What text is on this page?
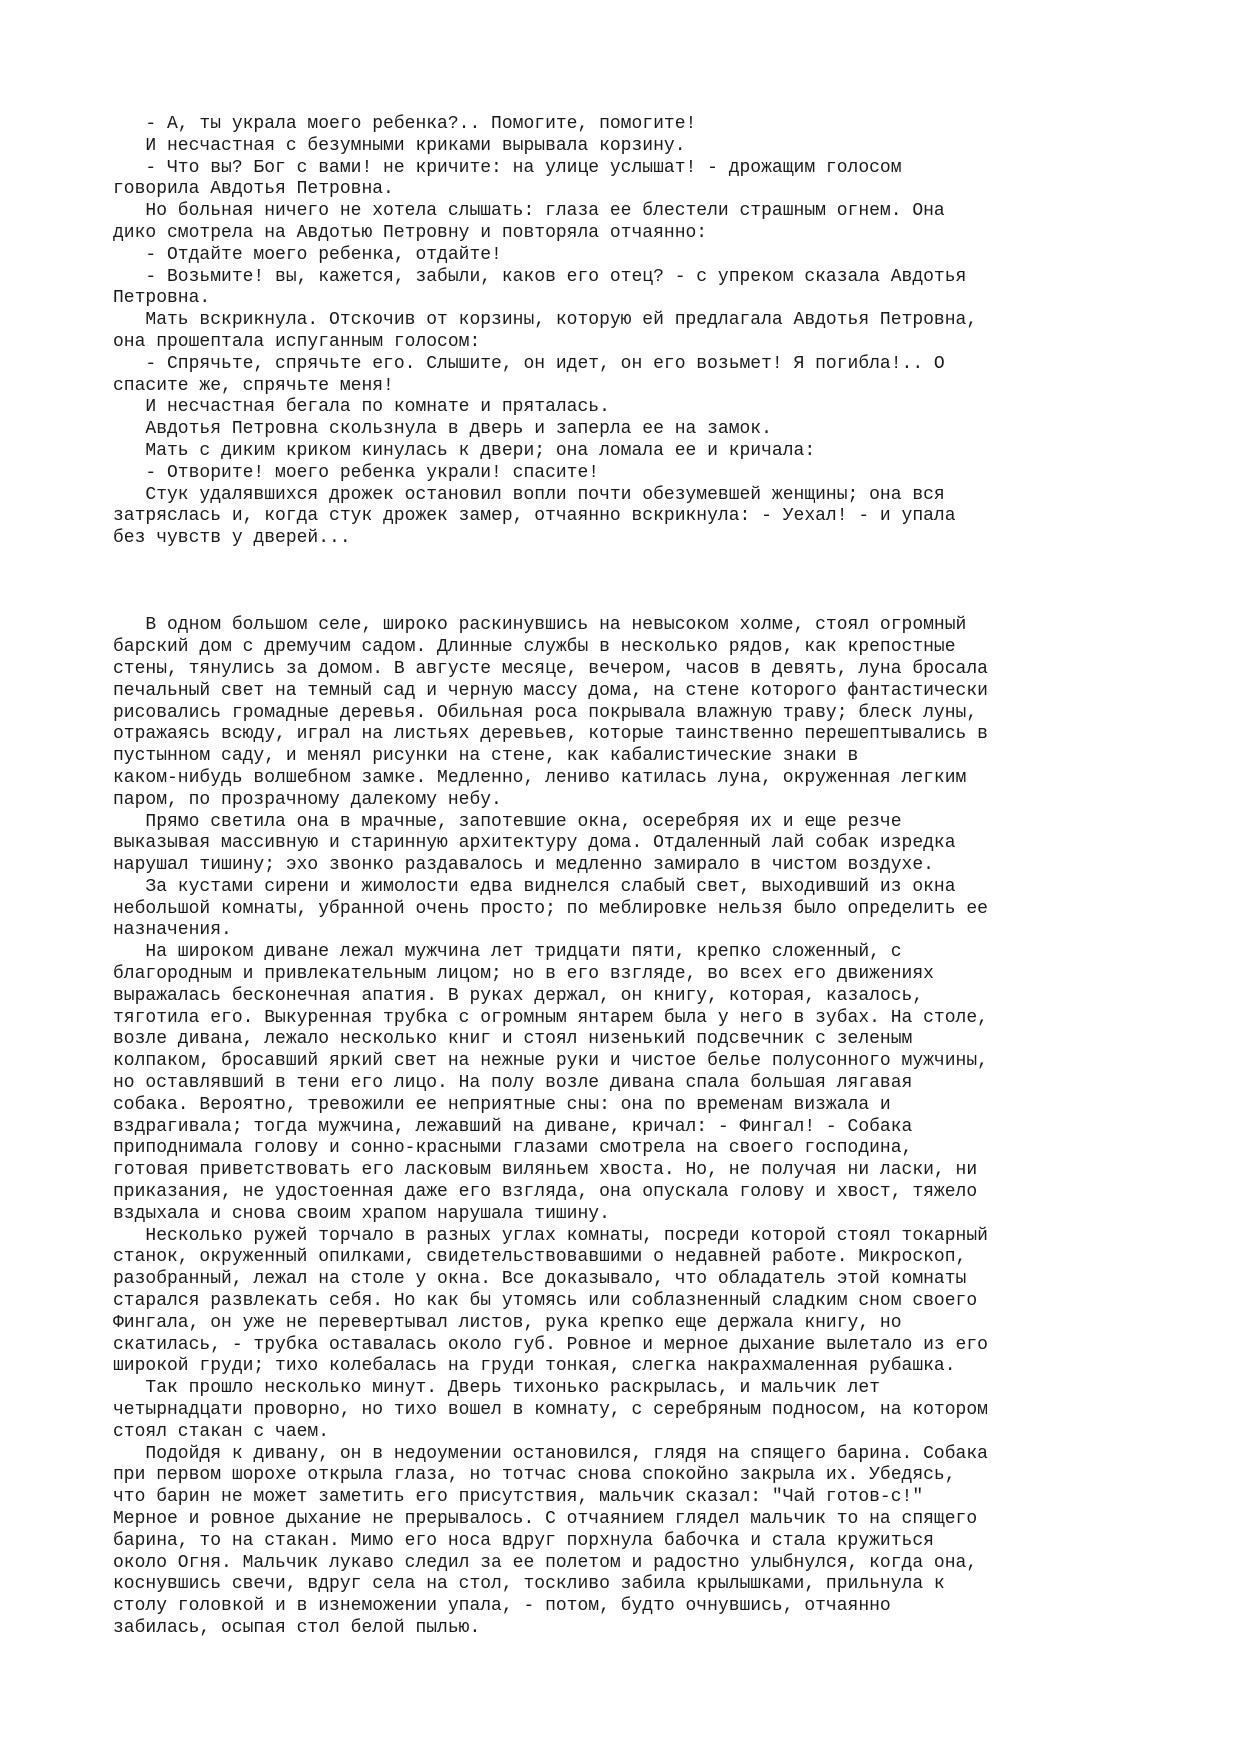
- А, ты украла моего ребенка?.. Помогите, помогите!
И несчастная с безумными криками вырывала корзину.
- Что вы? Бог с вами! не кричите: на улице услышат! - дрожащим голосом
говорила Авдотья Петровна.
Но больная ничего не хотела слышать: глаза ее блестели страшным огнем. Она
дико смотрела на Авдотью Петровну и повторяла отчаянно:
- Отдайте моего ребенка, отдайте!
- Возьмите! вы, кажется, забыли, каков его отец? - с упреком сказала Авдотья
Петровна.
Мать вскрикнула. Отскочив от корзины, которую ей предлагала Авдотья Петровна,
она прошептала испуганным голосом:
- Спрячьте, спрячьте его. Слышите, он идет, он его возьмет! Я погибла!.. О
спасите же, спрячьте меня!
И несчастная бегала по комнате и пряталась.
Авдотья Петровна скользнула в дверь и заперла ее на замок.
Мать с диким криком кинулась к двери; она ломала ее и кричала:
- Отворите! моего ребенка украли! спасите!
Стук удалявшихся дрожек остановил вопли почти обезумевшей женщины; она вся
затряслась и, когда стук дрожек замер, отчаянно вскрикнула: - Уехал! - и упала
без чувств у дверей...
В одном большом селе, широко раскинувшись на невысоком холме, стоял огромный
барский дом с дремучим садом. Длинные службы в несколько рядов, как крепостные
стены, тянулись за домом. В августе месяце, вечером, часов в девять, луна бросала
печальный свет на темный сад и черную массу дома, на стене которого фантастически
рисовались громадные деревья. Обильная роса покрывала влажную траву; блеск луны,
отражаясь всюду, играл на листьях деревьев, которые таинственно перешептывались в
пустынном саду, и менял рисунки на стене, как кабалистические знаки в
каком-нибудь волшебном замке. Медленно, лениво катилась луна, окруженная легким
паром, по прозрачному далекому небу.
Прямо светила она в мрачные, запотевшие окна, осеребряя их и еще резче
выказывая массивную и старинную архитектуру дома. Отдаленный лай собак изредка
нарушал тишину; эхо звонко раздавалось и медленно замирало в чистом воздухе.
За кустами сирени и жимолости едва виднелся слабый свет, выходивший из окна
небольшой комнаты, убранной очень просто; по меблировке нельзя было определить ее
назначения.
На широком диване лежал мужчина лет тридцати пяти, крепко сложенный, с
благородным и привлекательным лицом; но в его взгляде, во всех его движениях
выражалась бесконечная апатия. В руках держал, он книгу, которая, казалось,
тяготила его. Выкуренная трубка с огромным янтарем была у него в зубах. На столе,
возле дивана, лежало несколько книг и стоял низенький подсвечник с зеленым
колпаком, бросавший яркий свет на нежные руки и чистое белье полусонного мужчины,
но оставлявший в тени его лицо. На полу возле дивана спала большая лягавая
собака. Вероятно, тревожили ее неприятные сны: она по временам визжала и
вздрагивала; тогда мужчина, лежавший на диване, кричал: - Фингал! - Собака
приподнимала голову и сонно-красными глазами смотрела на своего господина,
готовая приветствовать его ласковым виляньем хвоста. Но, не получая ни ласки, ни
приказания, не удостоенная даже его взгляда, она опускала голову и хвост, тяжело
вздыхала и снова своим храпом нарушала тишину.
Несколько ружей торчало в разных углах комнаты, посреди которой стоял токарный
станок, окруженный опилками, свидетельствовавшими о недавней работе. Микроскоп,
разобранный, лежал на столе у окна. Все доказывало, что обладатель этой комнаты
старался развлекать себя. Но как бы утомясь или соблазненный сладким сном своего
Фингала, он уже не перевертывал листов, рука крепко еще держала книгу, но
скатилась, - трубка оставалась около губ. Ровное и мерное дыхание вылетало из его
широкой груди; тихо колебалась на груди тонкая, слегка накрахмаленная рубашка.
Так прошло несколько минут. Дверь тихонько раскрылась, и мальчик лет
четырнадцати проворно, но тихо вошел в комнату, с серебряным подносом, на котором
стоял стакан с чаем.
Подойдя к дивану, он в недоумении остановился, глядя на спящего барина. Собака
при первом шорохе открыла глаза, но тотчас снова спокойно закрыла их. Убедясь,
что барин не может заметить его присутствия, мальчик сказал: "Чай готов-с!"
Мерное и ровное дыхание не прерывалось. С отчаянием глядел мальчик то на спящего
барина, то на стакан. Мимо его носа вдруг порхнула бабочка и стала кружиться
около Огня. Мальчик лукаво следил за ее полетом и радостно улыбнулся, когда она,
коснувшись свечи, вдруг села на стол, тоскливо забила крылышками, прильнула к
столу головкой и в изнеможении упала, - потом, будто очнувшись, отчаянно
забилась, осыпая стол белой пылью.
